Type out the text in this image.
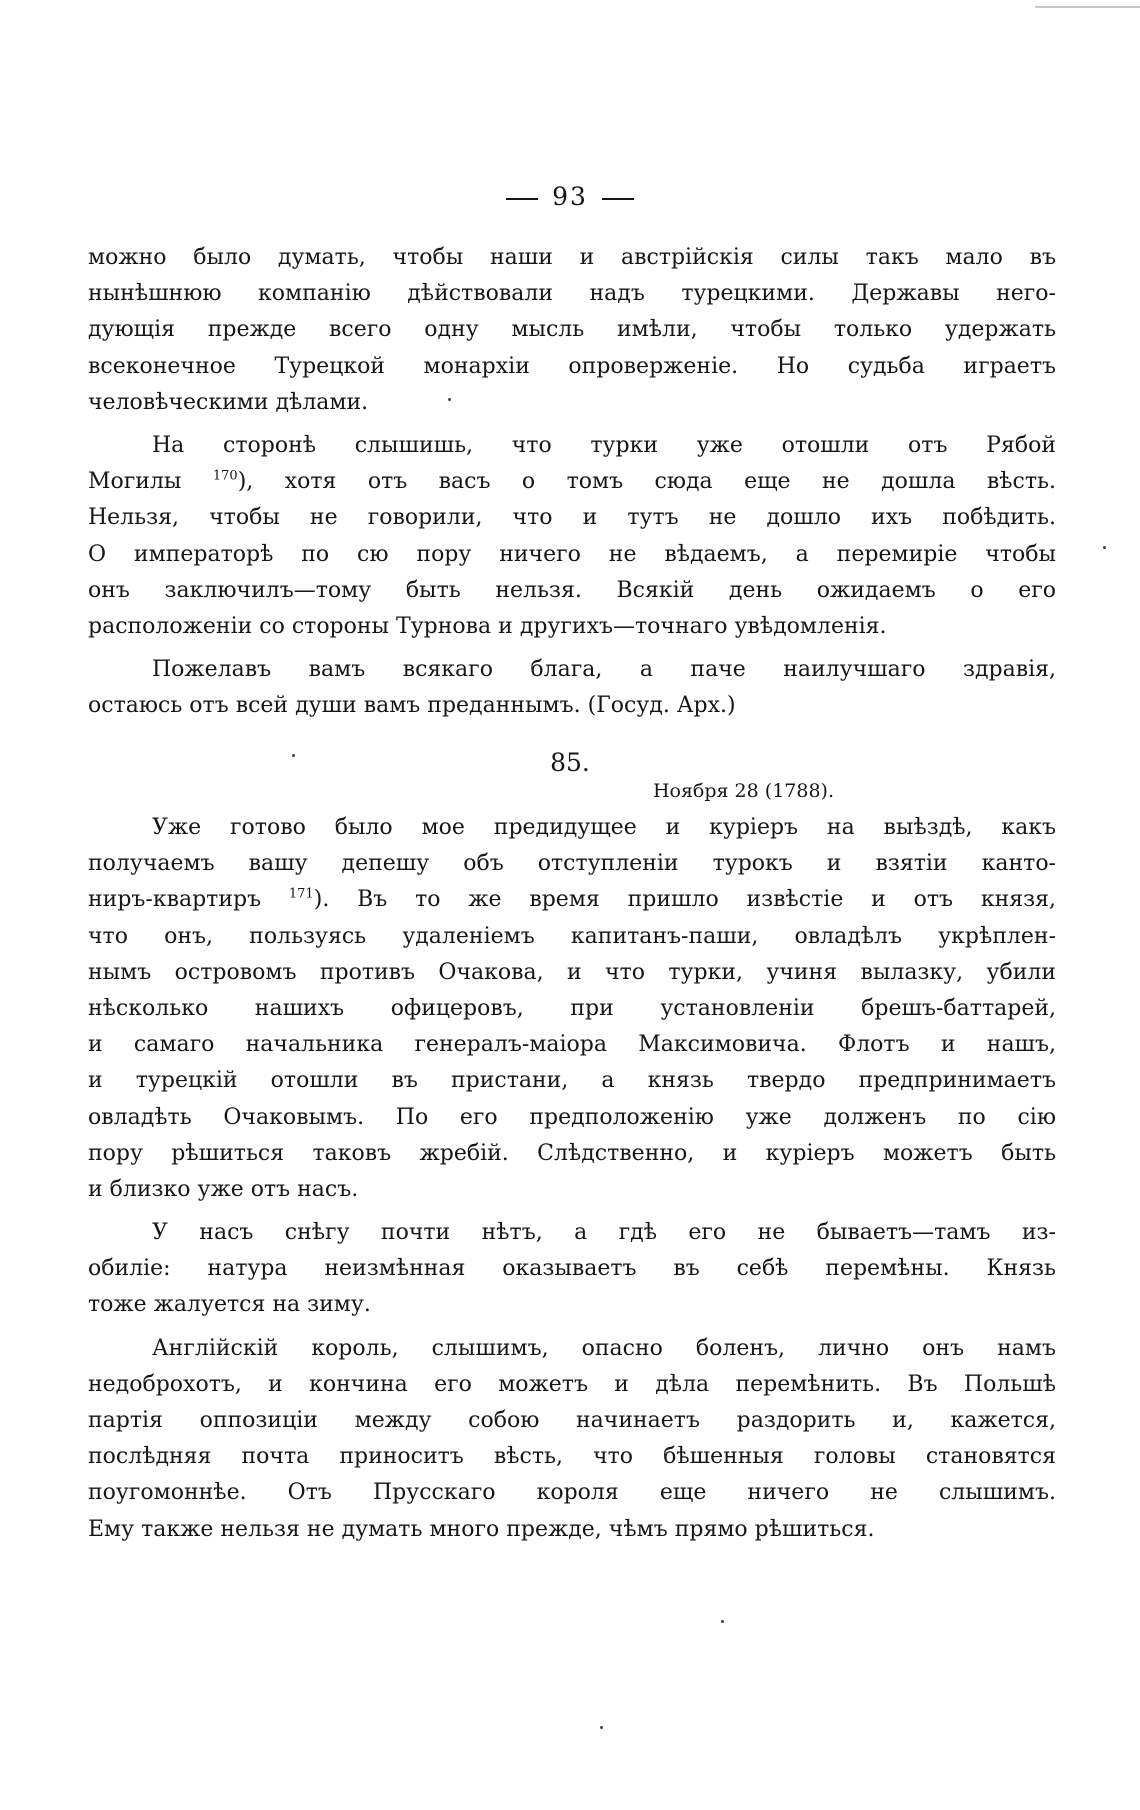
93
можно было думать, чтобы наши и австрійскія силы такъ мало въ
нынѣшнюю компанію дѣйствовали надъ турецкими. Державы него-
дующія прежде всего одну мысль имѣли, чтобы только удержать
всеконечное Турецкой монархіи опроверженіе. Но судьба играетъ
человѣческими дѣлами.
На сторонѣ слышишь, что турки уже отошли отъ Рябой
Могилы $^{170}$), хотя отъ васъ о томъ сюда еще не дошла вѣсть.
Нельзя, чтобы не говорили, что и тутъ не дошло ихъ побѣдить.
О императорѣ по сю пору ничего не вѣдаемъ, а перемиріе чтобы
онъ заключилъ—тому быть нельзя. Всякій день ожидаемъ о его
расположеніи со стороны Турнова и другихъ—точнаго увѣдомленія.
Пожелавъ вамъ всякаго блага, а паче наилучшаго здравія,
остаюсь отъ всей души вамъ преданнымъ. (Госуд. Арх.)
85.
Ноября 28 (1788).
Уже готово было мое предидущее и куріеръ на выѣздѣ, какъ
получаемъ вашу депешу объ отступленіи турокъ и взятіи канто-
ниръ-квартиръ $^{171}$). Въ то же время пришло извѣстіе и отъ князя,
что онъ, пользуясь удаленіемъ капитанъ-паши, овладѣлъ укрѣплен-
нымъ островомъ противъ Очакова, и что турки, учиня вылазку, убили
нѣсколько нашихъ офицеровъ, при установленіи брешъ-баттарей,
и самаго начальника генералъ-маіора Максимовича. Флотъ и нашъ,
и турецкій отошли въ пристани, а князь твердо предпринимаетъ
овладѣть Очаковымъ. По его предположенію уже долженъ по сію
пору рѣшиться таковъ жребій. Слѣдственно, и куріеръ можетъ быть
и близко уже отъ насъ.
У насъ снѣгу почти нѣтъ, а гдѣ его не бываетъ—тамъ из-
обиліе: натура неизмѣнная оказываетъ въ себѣ перемѣны. Князь
тоже жалуется на зиму.
Англійскій король, слышимъ, опасно боленъ, лично онъ намъ
недоброхотъ, и кончина его можетъ и дѣла перемѣнить. Въ Польшѣ
партія оппозиціи между собою начинаетъ раздорить и, кажется,
послѣдняя почта приноситъ вѣсть, что бѣшенныя головы становятся
поугомоннѣе. Отъ Прусскаго короля еще ничего не слышимъ.
Ему также нельзя не думать много прежде, чѣмъ прямо рѣшиться.
